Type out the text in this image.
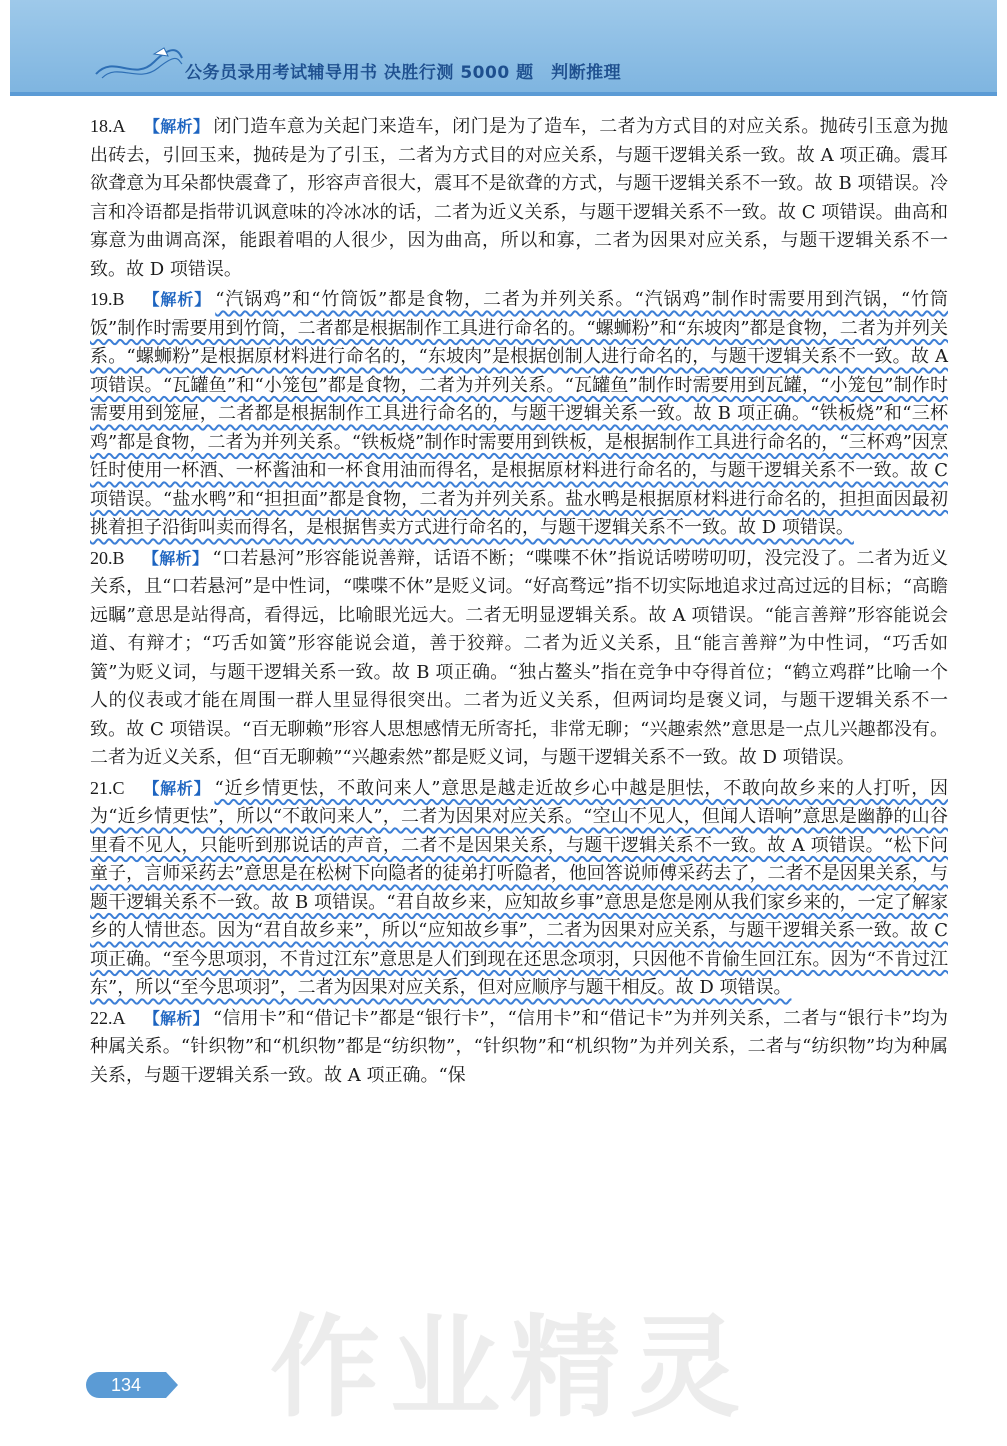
公务员录用考试辅导用书 决胜行测 5000 题　判断推理

18.A 【解析】 闭门造车意为关起门来造车，闭门是为了造车，二者为方式目的对应关系。抛砖引玉意为抛出砖去，引回玉来，抛砖是为了引玉，二者为方式目的对应关系，与题干逻辑关系一致。故 A 项正确。震耳欲聋意为耳朵都快震聋了，形容声音很大，震耳不是欲聋的方式，与题干逻辑关系不一致。故 B 项错误。冷言和冷语都是指带讥讽意味的冷冰冰的话，二者为近义关系，与题干逻辑关系不一致。故 C 项错误。曲高和寡意为曲调高深，能跟着唱的人很少，因为曲高，所以和寡，二者为因果对应关系，与题干逻辑关系不一致。故 D 项错误。

19.B 【解析】 “汽锅鸡”和“竹筒饭”都是食物，二者为并列关系。“汽锅鸡”制作时需要用到汽锅，“竹筒饭”制作时需要用到竹筒，二者都是根据制作工具进行命名的。“螺蛳粉”和“东坡肉”都是食物，二者为并列关系。“螺蛳粉”是根据原材料进行命名的，“东坡肉”是根据创制人进行命名的，与题干逻辑关系不一致。故 A 项错误。“瓦罐鱼”和“小笼包”都是食物，二者为并列关系。“瓦罐鱼”制作时需要用到瓦罐，“小笼包”制作时需要用到笼屉，二者都是根据制作工具进行命名的，与题干逻辑关系一致。故 B 项正确。“铁板烧”和“三杯鸡”都是食物，二者为并列关系。“铁板烧”制作时需要用到铁板，是根据制作工具进行命名的，“三杯鸡”因烹饪时使用一杯酒、一杯酱油和一杯食用油而得名，是根据原材料进行命名的，与题干逻辑关系不一致。故 C 项错误。“盐水鸭”和“担担面”都是食物，二者为并列关系。盐水鸭是根据原材料进行命名的，担担面因最初挑着担子沿街叫卖而得名，是根据售卖方式进行命名的，与题干逻辑关系不一致。故 D 项错误。

20.B 【解析】 “口若悬河”形容能说善辩，话语不断；“喋喋不休”指说话唠唠叨叨，没完没了。二者为近义关系，且“口若悬河”是中性词，“喋喋不休”是贬义词。“好高骛远”指不切实际地追求过高过远的目标；“高瞻远瞩”意思是站得高，看得远，比喻眼光远大。二者无明显逻辑关系。故 A 项错误。“能言善辩”形容能说会道、有辩才；“巧舌如簧”形容能说会道，善于狡辩。二者为近义关系，且“能言善辩”为中性词，“巧舌如簧”为贬义词，与题干逻辑关系一致。故 B 项正确。“独占鳌头”指在竞争中夺得首位；“鹤立鸡群”比喻一个人的仪表或才能在周围一群人里显得很突出。二者为近义关系，但两词均是褒义词，与题干逻辑关系不一致。故 C 项错误。“百无聊赖”形容人思想感情无所寄托，非常无聊；“兴趣索然”意思是一点儿兴趣都没有。二者为近义关系，但“百无聊赖”“兴趣索然”都是贬义词，与题干逻辑关系不一致。故 D 项错误。

21.C 【解析】 “近乡情更怯，不敢问来人”意思是越走近故乡心中越是胆怯，不敢向故乡来的人打听，因为“近乡情更怯”，所以“不敢问来人”，二者为因果对应关系。“空山不见人，但闻人语响”意思是幽静的山谷里看不见人，只能听到那说话的声音，二者不是因果关系，与题干逻辑关系不一致。故 A 项错误。“松下问童子，言师采药去”意思是在松树下向隐者的徒弟打听隐者，他回答说师傅采药去了，二者不是因果关系，与题干逻辑关系不一致。故 B 项错误。“君自故乡来，应知故乡事”意思是您是刚从我们家乡来的，一定了解家乡的人情世态。因为“君自故乡来”，所以“应知故乡事”，二者为因果对应关系，与题干逻辑关系一致。故 C 项正确。“至今思项羽，不肯过江东”意思是人们到现在还思念项羽，只因他不肯偷生回江东。因为“不肯过江东”，所以“至今思项羽”，二者为因果对应关系，但对应顺序与题干相反。故 D 项错误。

22.A 【解析】 “信用卡”和“借记卡”都是“银行卡”，“信用卡”和“借记卡”为并列关系，二者与“银行卡”均为种属关系。“针织物”和“机织物”都是“纺织物”，“针织物”和“机织物”为并列关系，二者与“纺织物”均为种属关系，与题干逻辑关系一致。故 A 项正确。“保

作业精灵
134
